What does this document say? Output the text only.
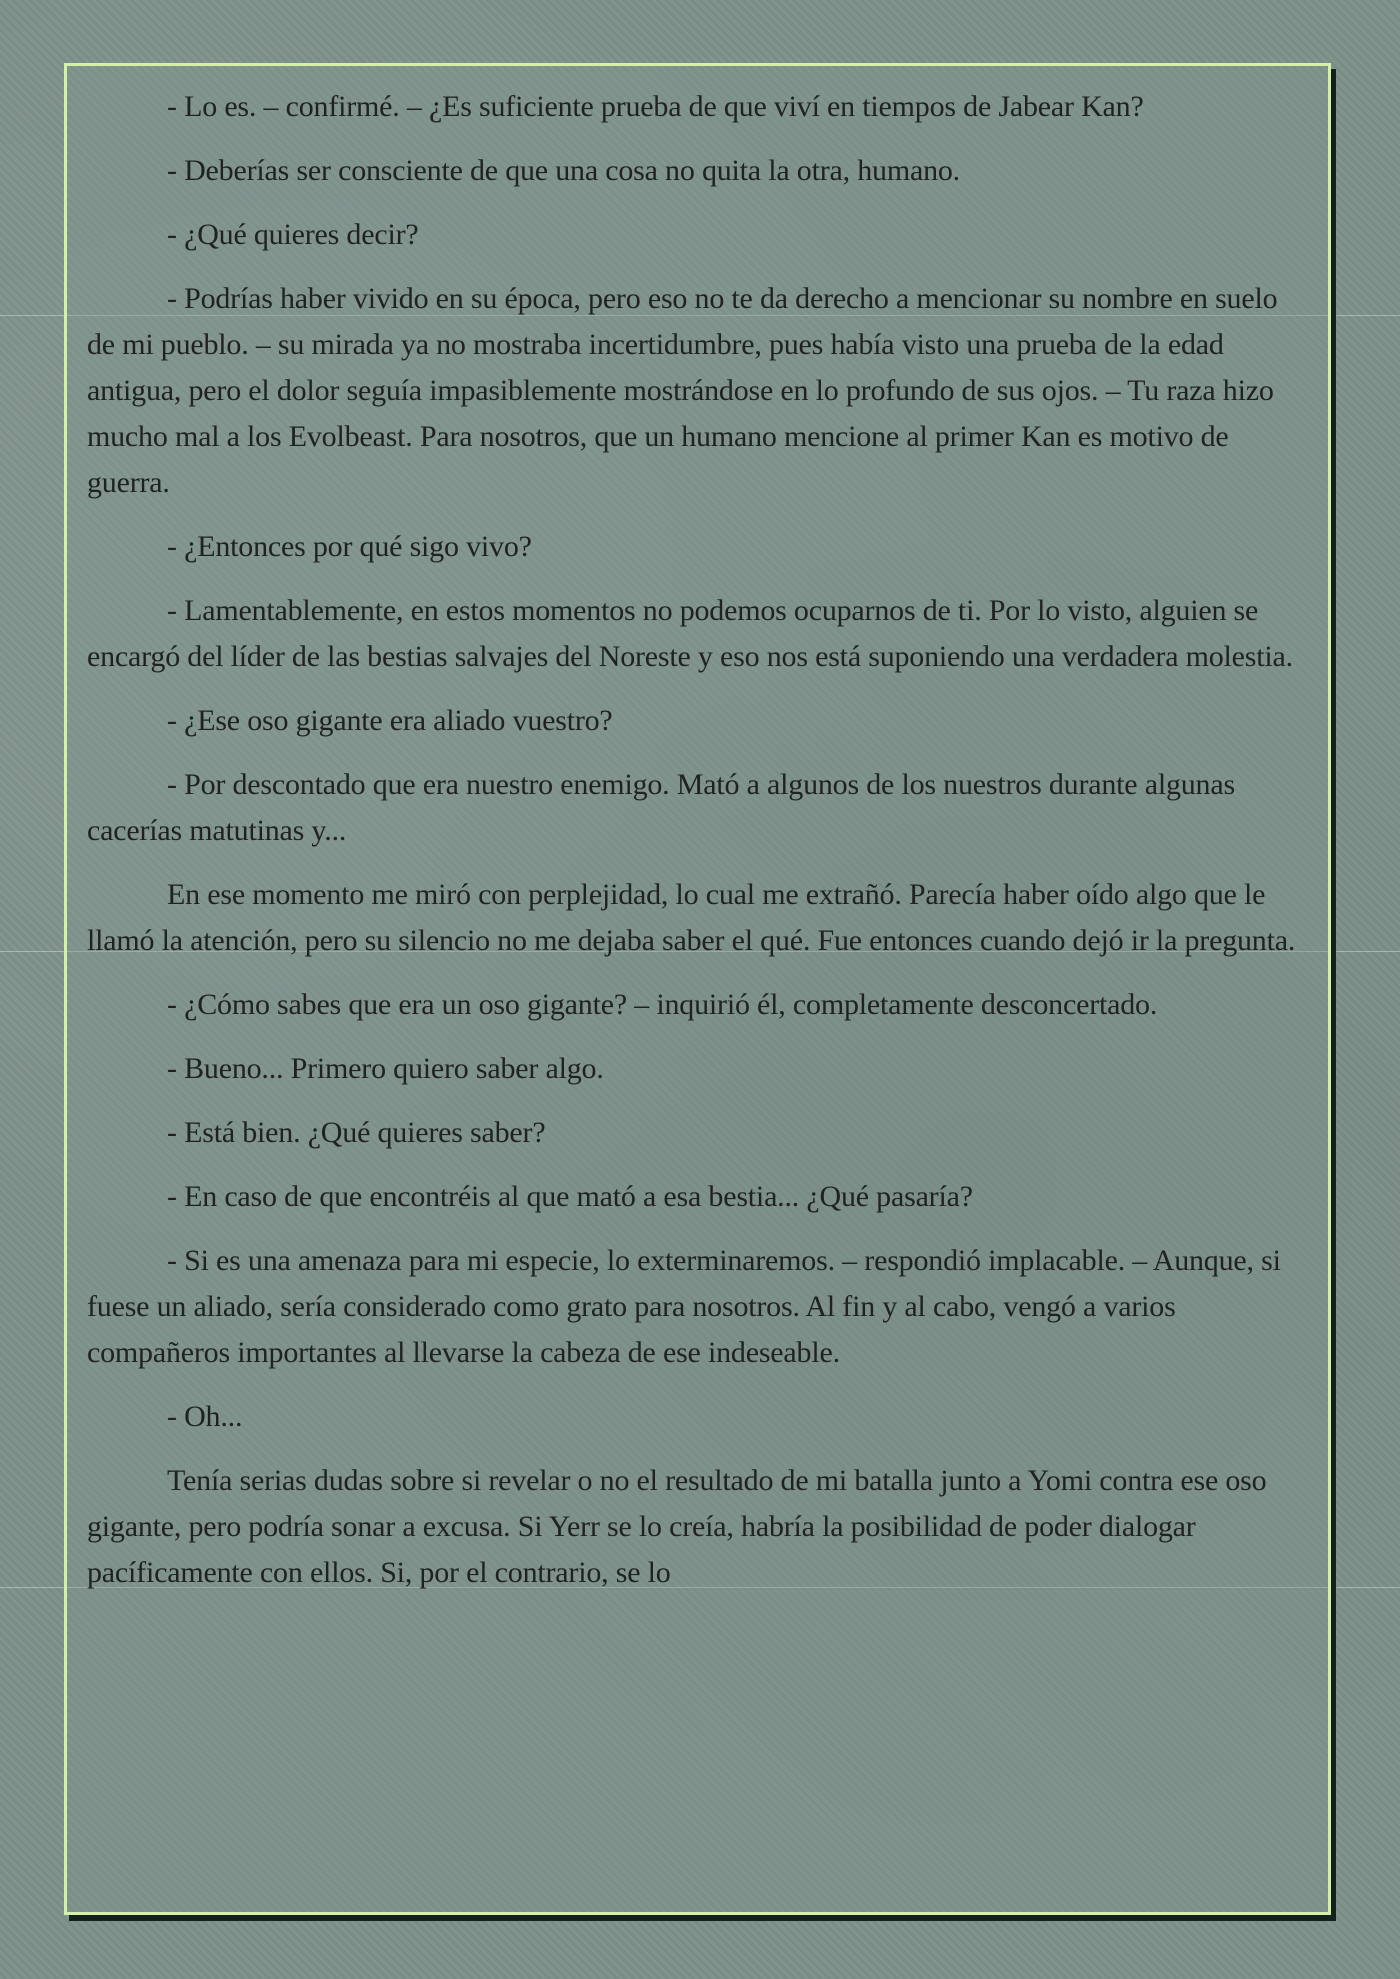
- Lo es. – confirmé. – ¿Es suficiente prueba de que viví en tiempos de Jabear Kan?

- Deberías ser consciente de que una cosa no quita la otra, humano.

- ¿Qué quieres decir?

- Podrías haber vivido en su época, pero eso no te da derecho a mencionar su nombre en suelo de mi pueblo. – su mirada ya no mostraba incertidumbre, pues había visto una prueba de la edad antigua, pero el dolor seguía impasiblemente mostrándose en lo profundo de sus ojos. – Tu raza hizo mucho mal a los Evolbeast. Para nosotros, que un humano mencione al primer Kan es motivo de guerra.

- ¿Entonces por qué sigo vivo?

- Lamentablemente, en estos momentos no podemos ocuparnos de ti. Por lo visto, alguien se encargó del líder de las bestias salvajes del Noreste y eso nos está suponiendo una verdadera molestia.

- ¿Ese oso gigante era aliado vuestro?

- Por descontado que era nuestro enemigo. Mató a algunos de los nuestros durante algunas cacerías matutinas y...

En ese momento me miró con perplejidad, lo cual me extrañó. Parecía haber oído algo que le llamó la atención, pero su silencio no me dejaba saber el qué. Fue entonces cuando dejó ir la pregunta.

- ¿Cómo sabes que era un oso gigante? – inquirió él, completamente desconcertado.

- Bueno... Primero quiero saber algo.

- Está bien. ¿Qué quieres saber?

- En caso de que encontréis al que mató a esa bestia... ¿Qué pasaría?

- Si es una amenaza para mi especie, lo exterminaremos. – respondió implacable. – Aunque, si fuese un aliado, sería considerado como grato para nosotros. Al fin y al cabo, vengó a varios compañeros importantes al llevarse la cabeza de ese indeseable.

- Oh...

Tenía serias dudas sobre si revelar o no el resultado de mi batalla junto a Yomi contra ese oso gigante, pero podría sonar a excusa. Si Yerr se lo creía, habría la posibilidad de poder dialogar pacíficamente con ellos. Si, por el contrario, se lo
